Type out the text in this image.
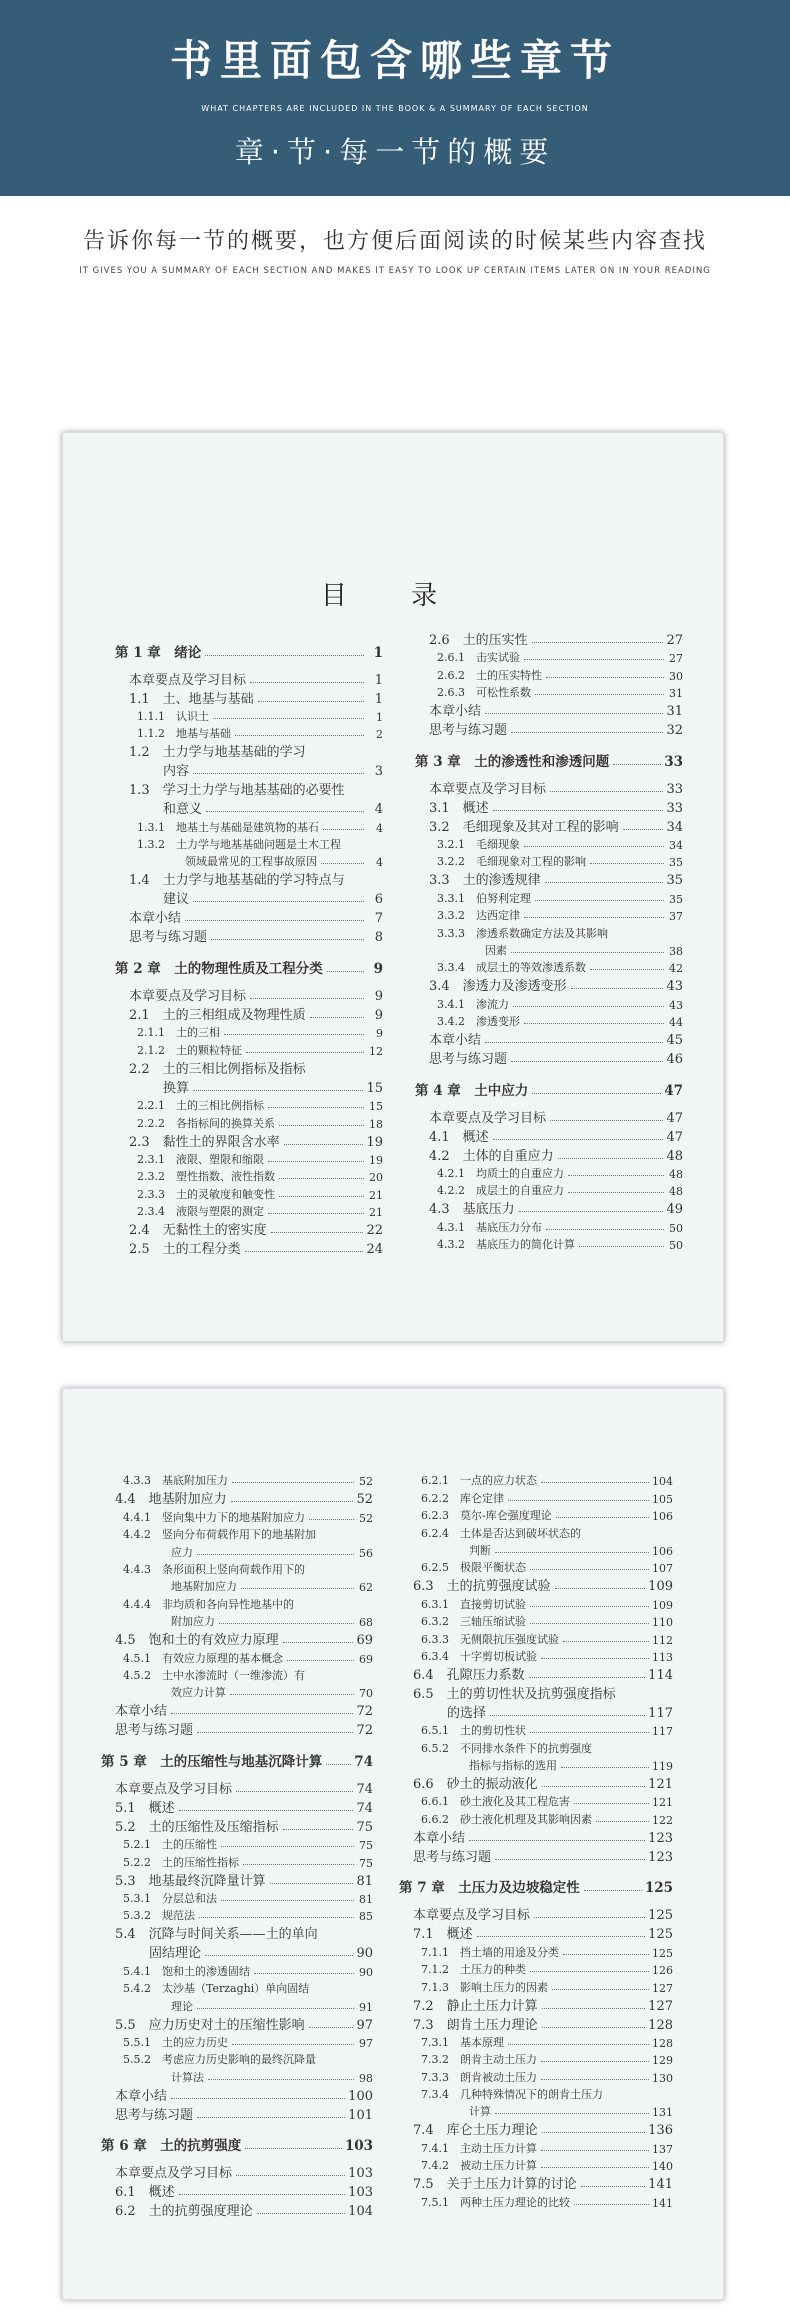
书里面包含哪些章节
WHAT CHAPTERS ARE INCLUDED IN THE BOOK & A SUMMARY OF EACH SECTION
章·节·每一节的概要
告诉你每一节的概要，也方便后面阅读的时候某些内容查找
IT GIVES YOU A SUMMARY OF EACH SECTION AND MAKES IT EASY TO LOOK UP CERTAIN ITEMS LATER ON IN YOUR READING
目 录
第 1 章　绪论	1
本章要点及学习目标	1
1.1　土、地基与基础	1
1.1.1　认识土	1
1.1.2　地基与基础	2
1.2　土力学与地基基础的学习
内容	3
1.3　学习土力学与地基基础的必要性
和意义	4
1.3.1　地基土与基础是建筑物的基石	4
1.3.2　土力学与地基基础问题是土木工程
领域最常见的工程事故原因	4
1.4　土力学与地基基础的学习特点与
建议	6
本章小结	7
思考与练习题	8
第 2 章　土的物理性质及工程分类	9
本章要点及学习目标	9
2.1　土的三相组成及物理性质	9
2.1.1　土的三相	9
2.1.2　土的颗粒特征	12
2.2　土的三相比例指标及指标
换算	15
2.2.1　土的三相比例指标	15
2.2.2　各指标间的换算关系	18
2.3　黏性土的界限含水率	19
2.3.1　液限、塑限和缩限	19
2.3.2　塑性指数、液性指数	20
2.3.3　土的灵敏度和触变性	21
2.3.4　液限与塑限的测定	21
2.4　无黏性土的密实度	22
2.5　土的工程分类	24
2.6　土的压实性	27
2.6.1　击实试验	27
2.6.2　土的压实特性	30
2.6.3　可松性系数	31
本章小结	31
思考与练习题	32
第 3 章　土的渗透性和渗透问题	33
本章要点及学习目标	33
3.1　概述	33
3.2　毛细现象及其对工程的影响	34
3.2.1　毛细现象	34
3.2.2　毛细现象对工程的影响	35
3.3　土的渗透规律	35
3.3.1　伯努利定理	35
3.3.2　达西定律	37
3.3.3　渗透系数确定方法及其影响
因素	38
3.3.4　成层土的等效渗透系数	42
3.4　渗透力及渗透变形	43
3.4.1　渗流力	43
3.4.2　渗透变形	44
本章小结	45
思考与练习题	46
第 4 章　土中应力	47
本章要点及学习目标	47
4.1　概述	47
4.2　土体的自重应力	48
4.2.1　均质土的自重应力	48
4.2.2　成层土的自重应力	48
4.3　基底压力	49
4.3.1　基底压力分布	50
4.3.2　基底压力的简化计算	50
4.3.3　基底附加压力	52
4.4　地基附加应力	52
4.4.1　竖向集中力下的地基附加应力	52
4.4.2　竖向分布荷载作用下的地基附加
应力	56
4.4.3　条形面积上竖向荷载作用下的
地基附加应力	62
4.4.4　非均质和各向异性地基中的
附加应力	68
4.5　饱和土的有效应力原理	69
4.5.1　有效应力原理的基本概念	69
4.5.2　土中水渗流时（一维渗流）有
效应力计算	70
本章小结	72
思考与练习题	72
第 5 章　土的压缩性与地基沉降计算 74
本章要点及学习目标	74
5.1　概述	74
5.2　土的压缩性及压缩指标	75
5.2.1　土的压缩性	75
5.2.2　土的压缩性指标	75
5.3　地基最终沉降量计算	81
5.3.1　分层总和法	81
5.3.2　规范法	85
5.4　沉降与时间关系——土的单向
固结理论	90
5.4.1　饱和土的渗透固结	90
5.4.2　太沙基（Terzaghi）单向固结
理论	91
5.5　应力历史对土的压缩性影响	97
5.5.1　土的应力历史	97
5.5.2　考虑应力历史影响的最终沉降量
计算法	98
本章小结	100
思考与练习题	101
第 6 章　土的抗剪强度	103
本章要点及学习目标	103
6.1　概述	103
6.2　土的抗剪强度理论	104
6.2.1　一点的应力状态	104
6.2.2　库仑定律	105
6.2.3　莫尔-库仑强度理论	106
6.2.4　土体是否达到破坏状态的
判断	106
6.2.5　极限平衡状态	107
6.3　土的抗剪强度试验	109
6.3.1　直接剪切试验	109
6.3.2　三轴压缩试验	110
6.3.3　无侧限抗压强度试验	112
6.3.4　十字剪切板试验	113
6.4　孔隙压力系数	114
6.5　土的剪切性状及抗剪强度指标
的选择	117
6.5.1　土的剪切性状	117
6.5.2　不同排水条件下的抗剪强度
指标与指标的选用	119
6.6　砂土的振动液化	121
6.6.1　砂土液化及其工程危害	121
6.6.2　砂土液化机理及其影响因素	122
本章小结	123
思考与练习题	123
第 7 章　土压力及边坡稳定性	125
本章要点及学习目标	125
7.1　概述	125
7.1.1　挡土墙的用途及分类	125
7.1.2　土压力的种类	126
7.1.3　影响土压力的因素	127
7.2　静止土压力计算	127
7.3　朗肯土压力理论	128
7.3.1　基本原理	128
7.3.2　朗肯主动土压力	129
7.3.3　朗肯被动土压力	130
7.3.4　几种特殊情况下的朗肯土压力
计算	131
7.4　库仑土压力理论	136
7.4.1　主动土压力计算	137
7.4.2　被动土压力计算	140
7.5　关于土压力计算的讨论	141
7.5.1　两种土压力理论的比较	141
